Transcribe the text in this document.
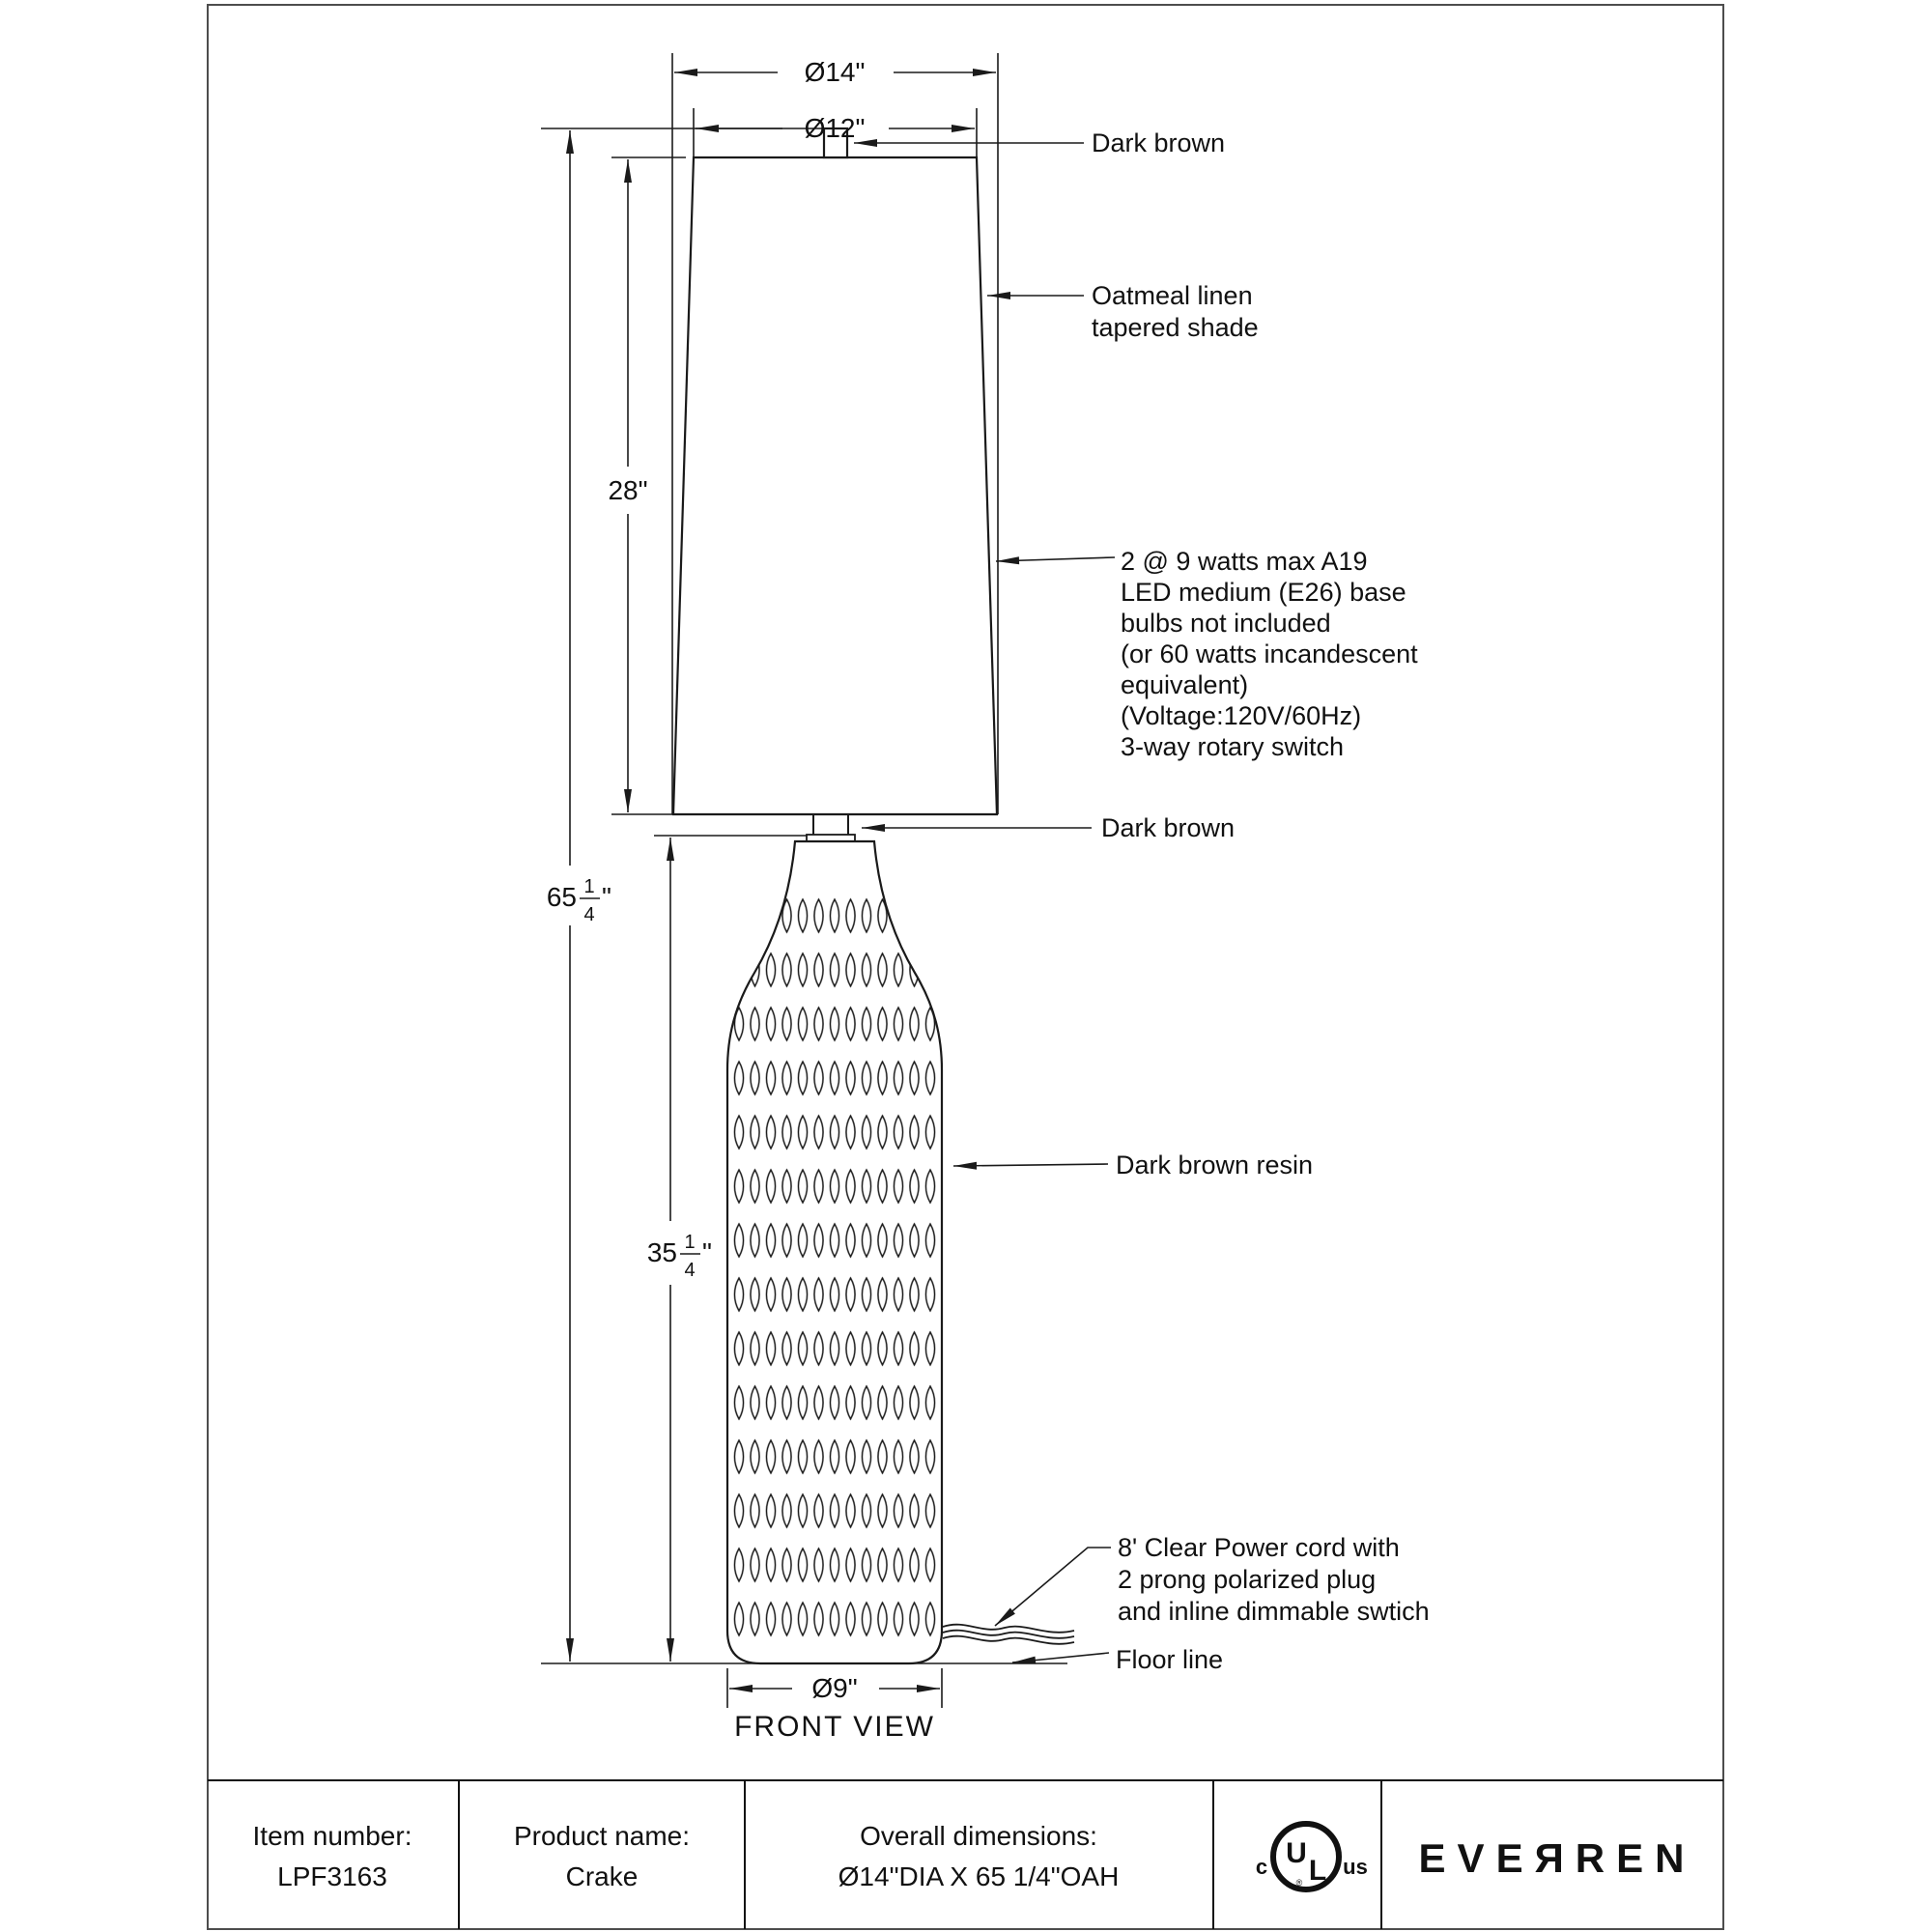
Ø14"
Ø12"
28"
Ø9"
65 1
4
"
35 1
4
"
Dark brown
Oatmeal linen
tapered shade
2 @ 9 watts max A19
LED medium (E26) base
bulbs not included
(or 60 watts incandescent
equivalent)
(Voltage:120V/60Hz)
3-way rotary switch
Dark brown
Dark brown resin
8' Clear Power cord with
2 prong polarized plug
and inline dimmable swtich
Floor line
FRONT VIEW
Item number:
LPF3163
Product name:
Crake
Overall dimensions:
Ø14"DIA X 65 1/4"OAH
U
L
®
c	us EVEЯREN
